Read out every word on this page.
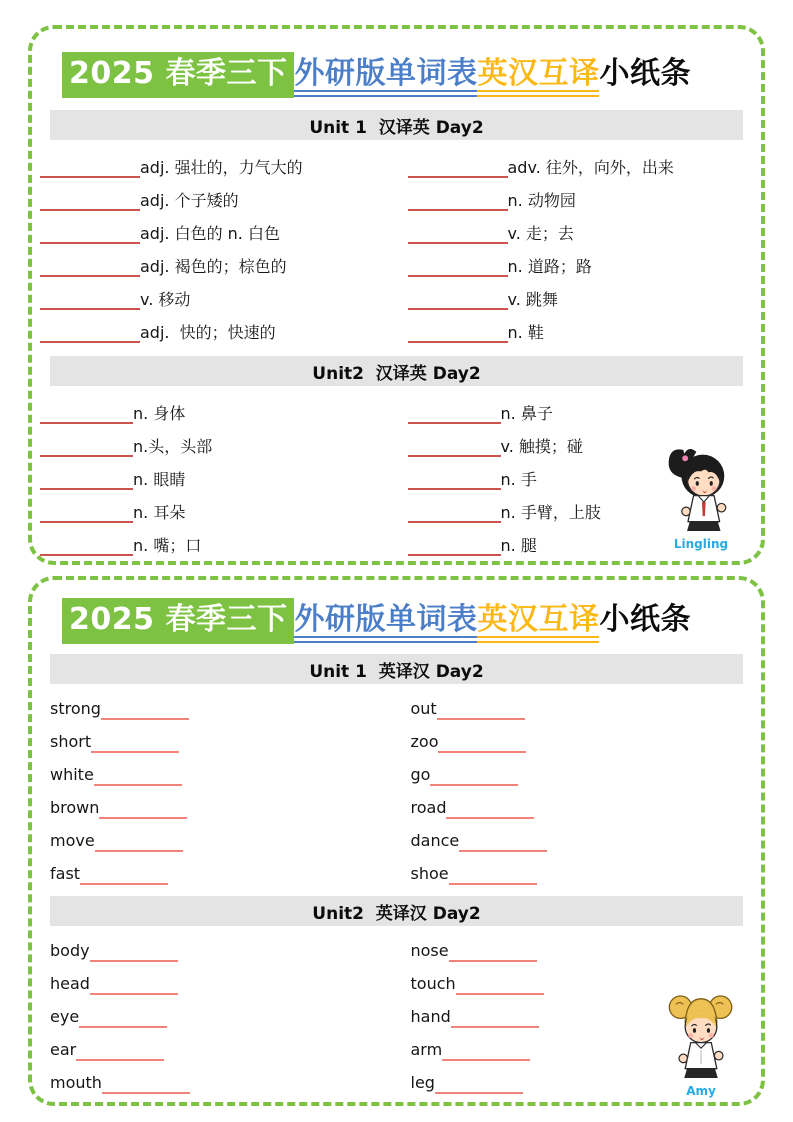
2025 春季三下 外研版单词表英汉互译小纸条
Unit 1  汉译英 Day2
adj. 强壮的，力气大的	adv. 往外，向外，出来
adj. 个子矮的	n. 动物园
adj. 白色的 n. 白色	v. 走；去
adj. 褐色的；棕色的	n. 道路；路
v. 移动	v. 跳舞
adj.  快的；快速的	n. 鞋
Unit2  汉译英 Day2
n. 身体	n. 鼻子
n.头，头部	v. 触摸；碰
n. 眼睛	n. 手
n. 耳朵	n. 手臂，上肢
n. 嘴；口	n. 腿	Lingling
2025 春季三下 外研版单词表英汉互译小纸条
Unit 1  英译汉 Day2
strong	out
short	zoo
white	go
brown	road
move	dance
fast	shoe
Unit2  英译汉 Day2
body	nose
head	touch
eye	hand
ear	arm
mouth	leg	Amy
